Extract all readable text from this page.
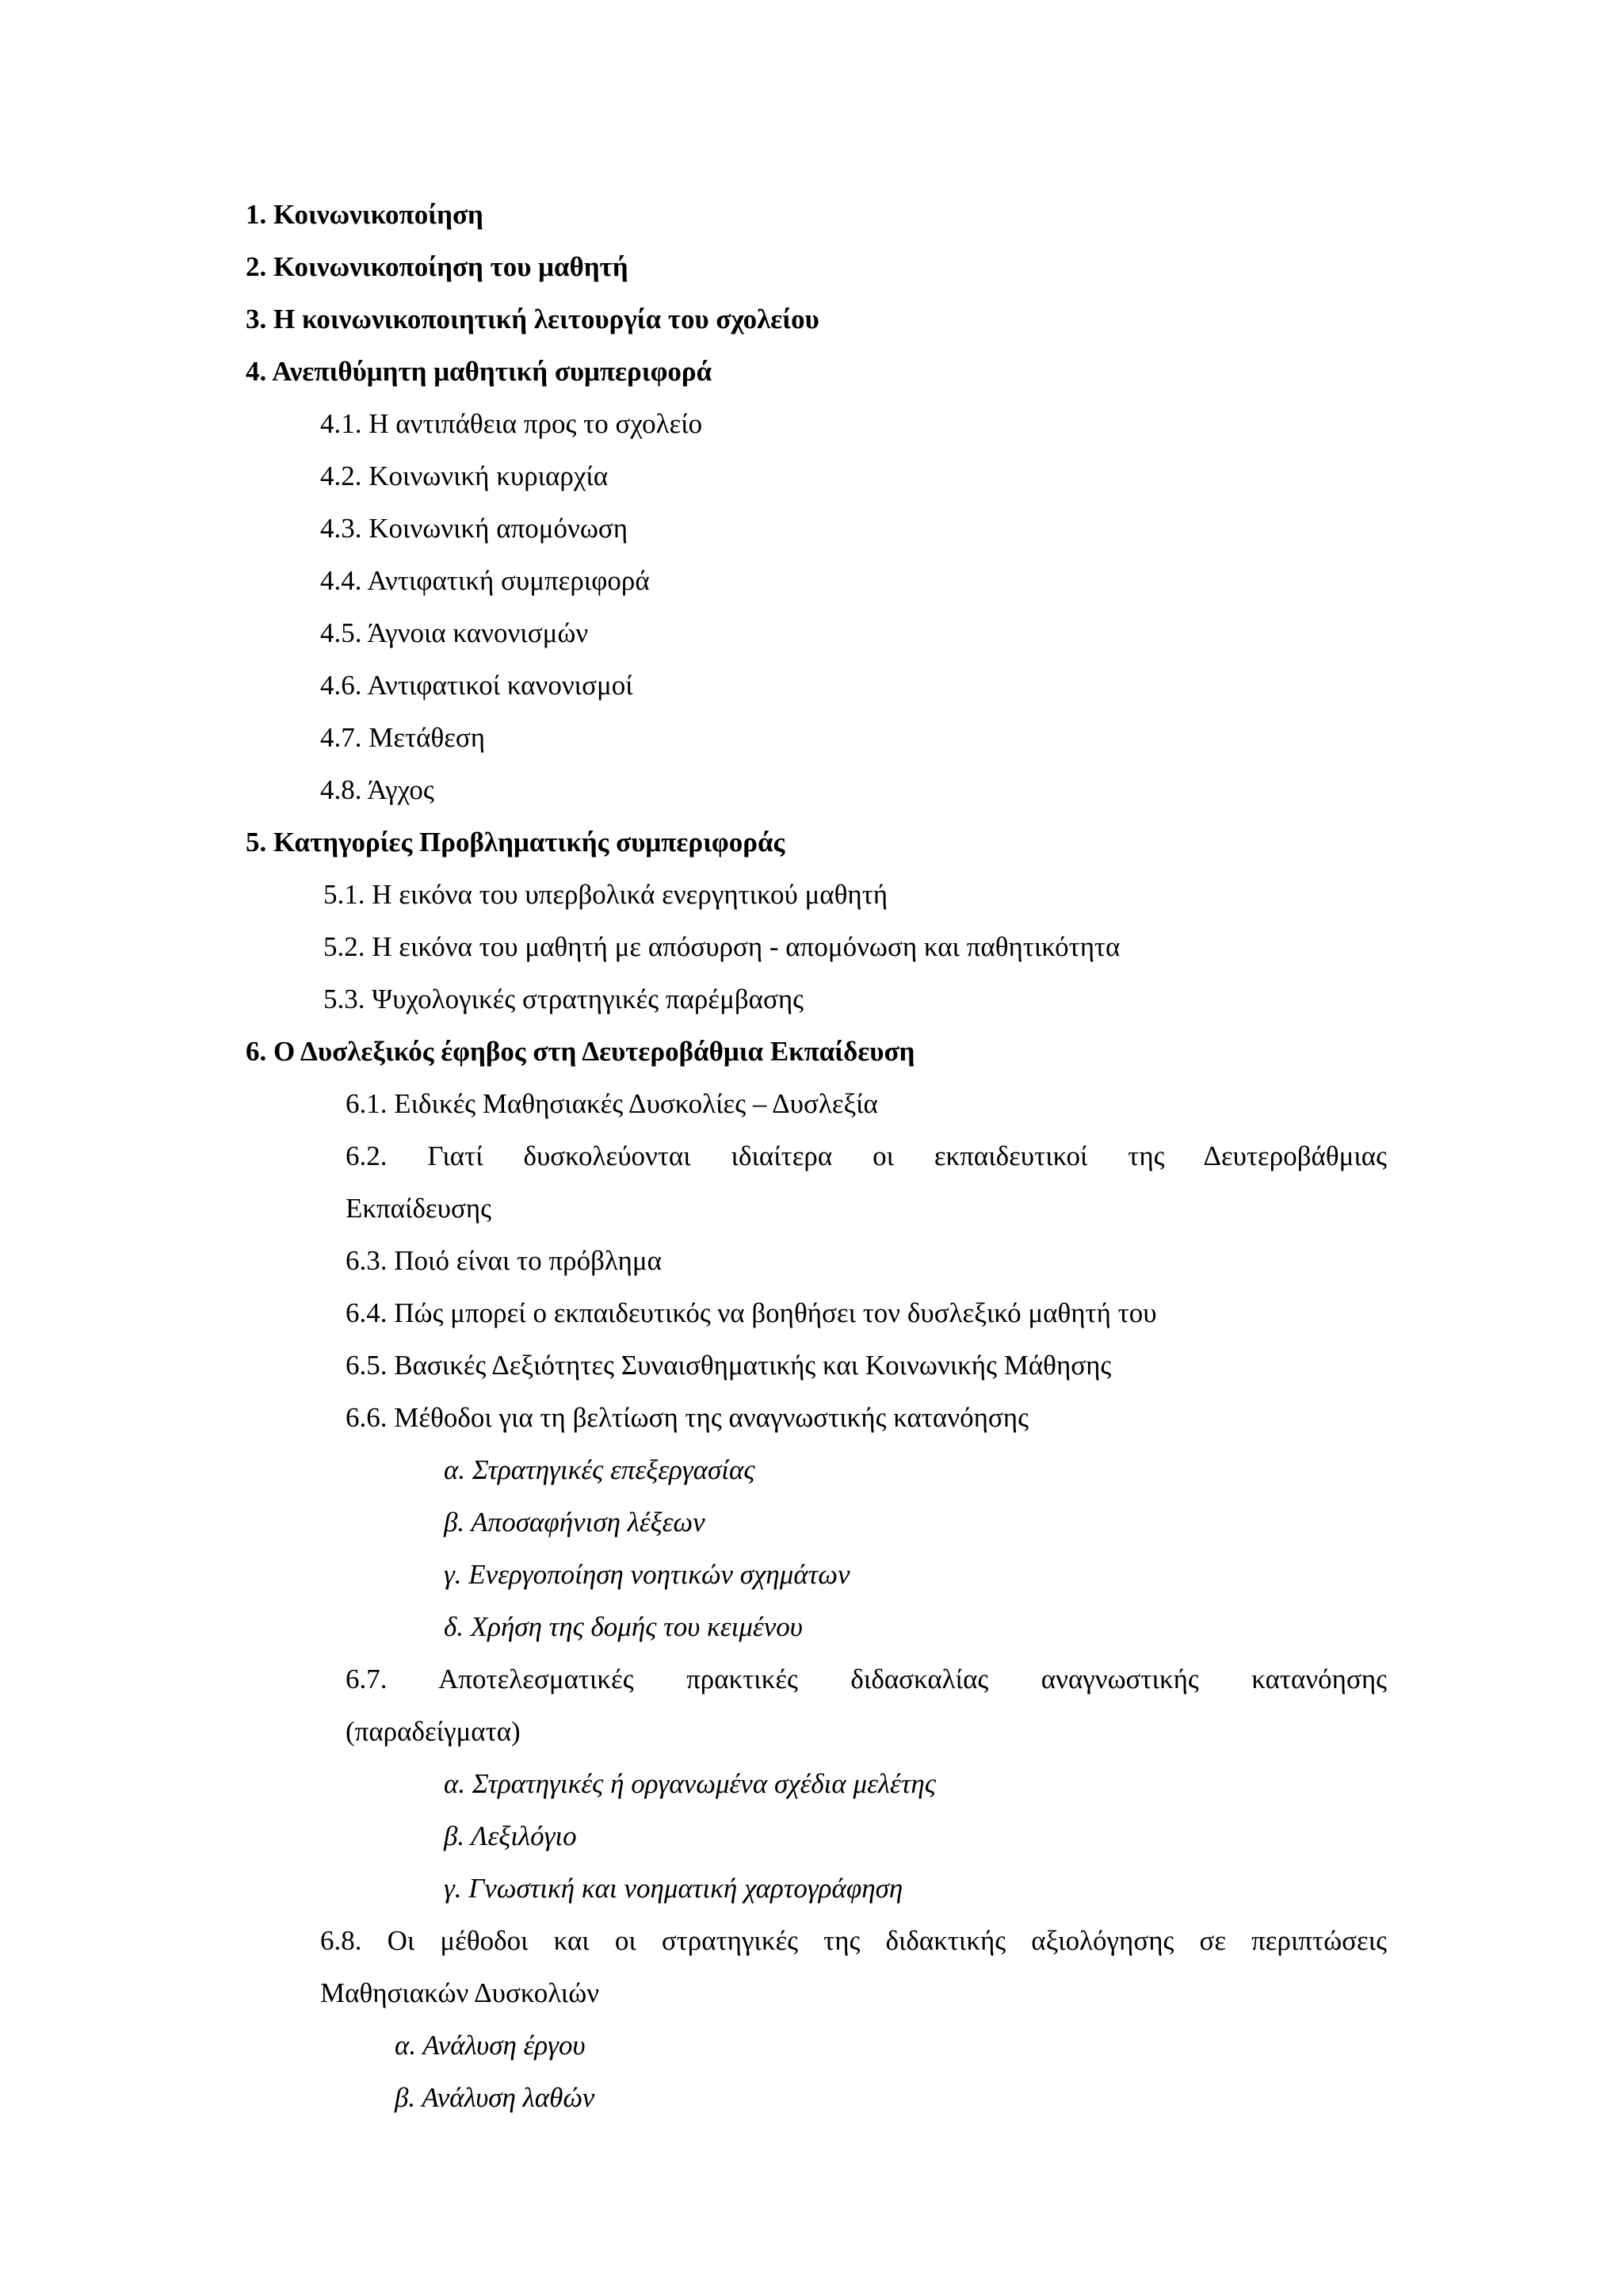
1. Κοινωνικοποίηση
2. Κοινωνικοποίηση του μαθητή
3. Η κοινωνικοποιητική λειτουργία του σχολείου
4. Ανεπιθύμητη μαθητική συμπεριφορά
4.1. Η αντιπάθεια προς το σχολείο
4.2. Κοινωνική κυριαρχία
4.3. Κοινωνική απομόνωση
4.4. Αντιφατική συμπεριφορά
4.5. Άγνοια κανονισμών
4.6. Αντιφατικοί κανονισμοί
4.7. Μετάθεση
4.8. Άγχος
5. Κατηγορίες Προβληματικής συμπεριφοράς
5.1. Η εικόνα του υπερβολικά ενεργητικού μαθητή
5.2. Η εικόνα του μαθητή με απόσυρση - απομόνωση και παθητικότητα
5.3. Ψυχολογικές στρατηγικές παρέμβασης
6. Ο Δυσλεξικός έφηβος στη Δευτεροβάθμια Εκπαίδευση
6.1. Ειδικές Μαθησιακές Δυσκολίες – Δυσλεξία
6.2. Γιατί δυσκολεύονται ιδιαίτερα οι εκπαιδευτικοί της Δευτεροβάθμιας
Εκπαίδευσης
6.3. Ποιό είναι το πρόβλημα
6.4. Πώς μπορεί ο εκπαιδευτικός να βοηθήσει τον δυσλεξικό μαθητή του
6.5. Βασικές Δεξιότητες Συναισθηματικής και Κοινωνικής Μάθησης
6.6. Μέθοδοι για τη βελτίωση της αναγνωστικής κατανόησης
α. Στρατηγικές επεξεργασίας
β. Αποσαφήνιση λέξεων
γ. Ενεργοποίηση νοητικών σχημάτων
δ. Χρήση της δομής του κειμένου
6.7. Αποτελεσματικές πρακτικές διδασκαλίας αναγνωστικής κατανόησης
(παραδείγματα)
α. Στρατηγικές ή οργανωμένα σχέδια μελέτης
β. Λεξιλόγιο
γ. Γνωστική και νοηματική χαρτογράφηση
6.8. Οι μέθοδοι και οι στρατηγικές της διδακτικής αξιολόγησης σε περιπτώσεις
Μαθησιακών Δυσκολιών
α. Ανάλυση έργου
β. Ανάλυση λαθών
